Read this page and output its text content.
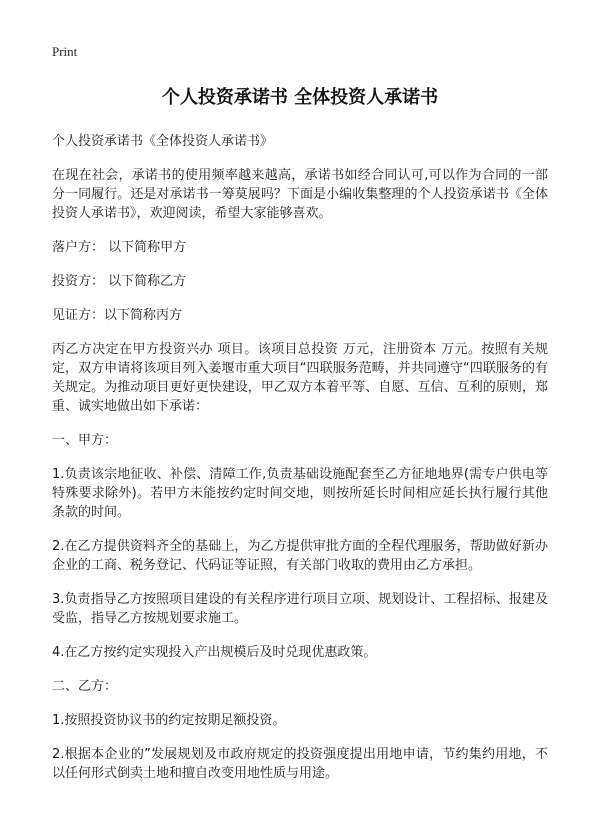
Print
个人投资承诺书 全体投资人承诺书
个人投资承诺书《全体投资人承诺书》
在现在社会，承诺书的使用频率越来越高，承诺书如经合同认可,可以作为合同的一部分一同履行。还是对承诺书一筹莫展吗？下面是小编收集整理的个人投资承诺书《全体投资人承诺书》，欢迎阅读，希望大家能够喜欢。
落户方： 以下简称甲方
投资方： 以下简称乙方
见证方：以下简称丙方
丙乙方决定在甲方投资兴办 项目。该项目总投资 万元，注册资本 万元。按照有关规定，双方申请将该项目列入姜堰市重大项目“四联服务范畴，并共同遵守“四联服务的有关规定。为推动项目更好更快建设，甲乙双方本着平等、自愿、互信、互利的原则，郑重、诚实地做出如下承诺：
一、甲方：
1.负责该宗地征收、补偿、清障工作,负责基础设施配套至乙方征地地界(需专户供电等特殊要求除外)。若甲方未能按约定时间交地，则按所延长时间相应延长执行履行其他条款的时间。
2.在乙方提供资料齐全的基础上，为乙方提供审批方面的全程代理服务，帮助做好新办企业的工商、税务登记、代码证等证照，有关部门收取的费用由乙方承担。
3.负责指导乙方按照项目建设的有关程序进行项目立项、规划设计、工程招标、报建及受监，指导乙方按规划要求施工。
4.在乙方按约定实现投入产出规模后及时兑现优惠政策。
二、乙方：
1.按照投资协议书的约定按期足额投资。
2.根据本企业的”发展规划及市政府规定的投资强度提出用地申请，节约集约用地，不以任何形式倒卖土地和擅自改变用地性质与用途。
